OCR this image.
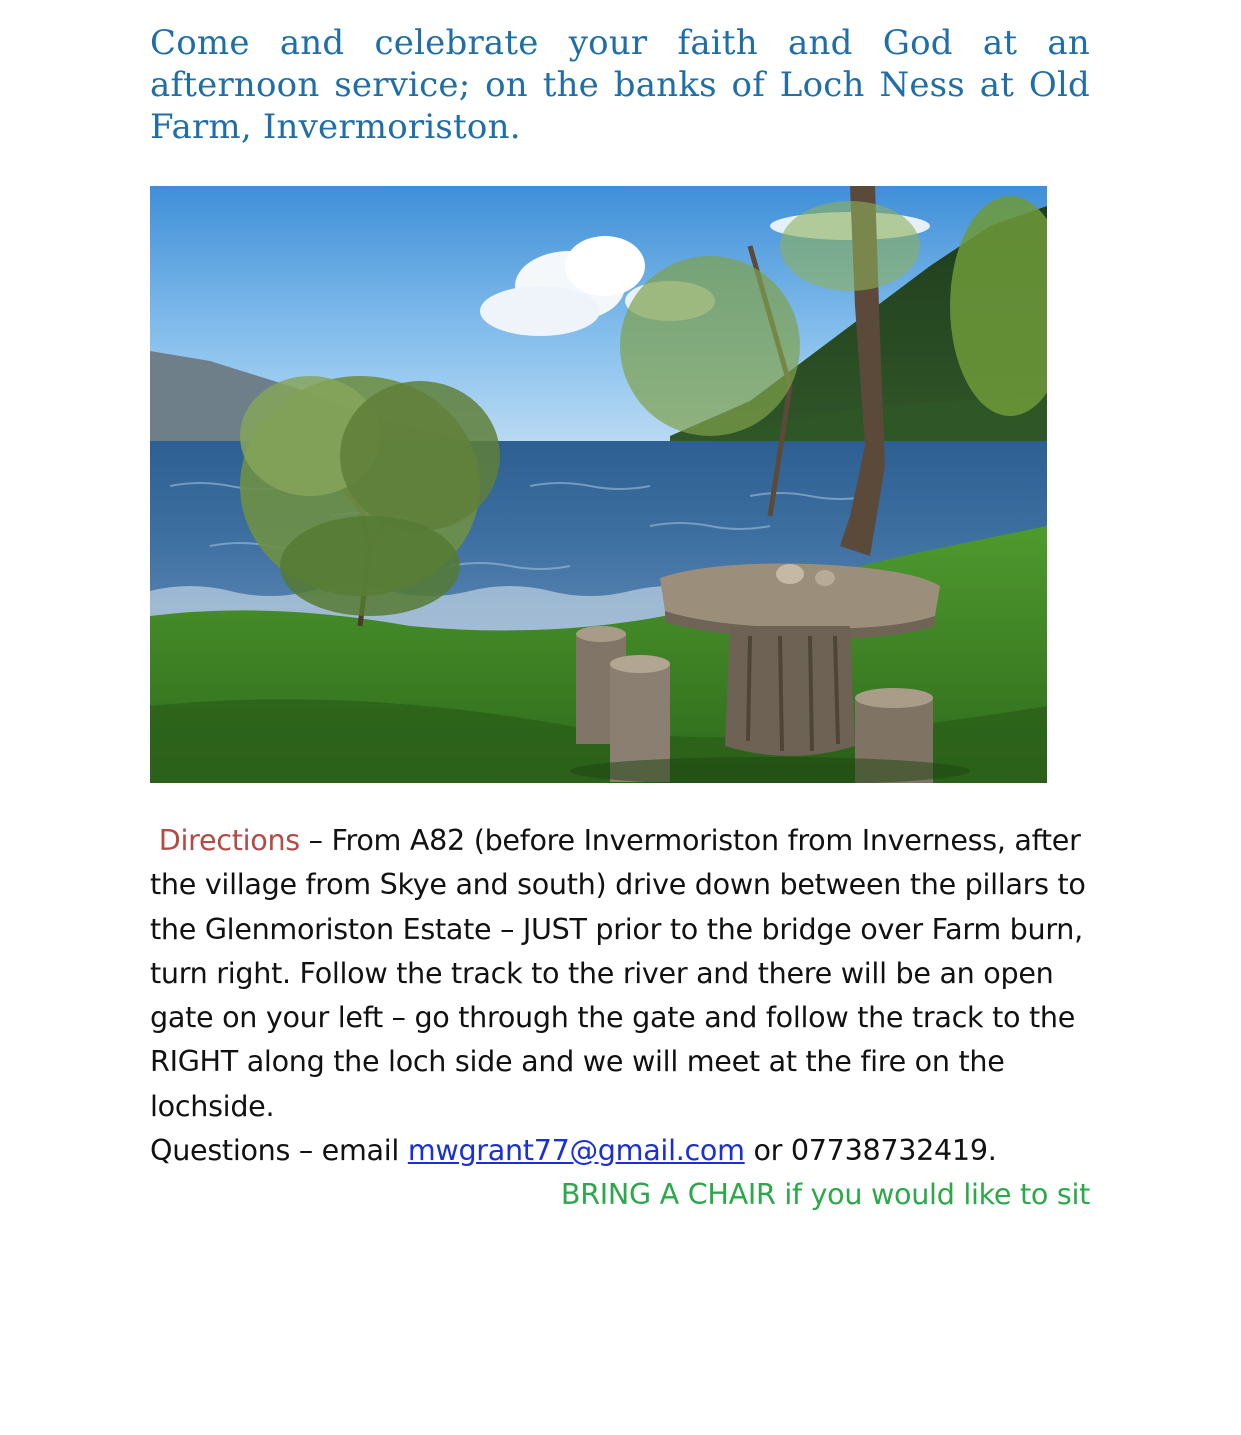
Come and celebrate your faith and God at an afternoon service; on the banks of Loch Ness at Old Farm, Invermoriston.

Directions – From A82 (before Invermoriston from Inverness, after the village from Skye and south) drive down between the pillars to the Glenmoriston Estate – JUST prior to the bridge over Farm burn, turn right. Follow the track to the river and there will be an open gate on your left – go through the gate and follow the track to the RIGHT along the loch side and we will meet at the fire on the lochside.
Questions – email mwgrant77@gmail.com or 07738732419.

BRING A CHAIR if you would like to sit
